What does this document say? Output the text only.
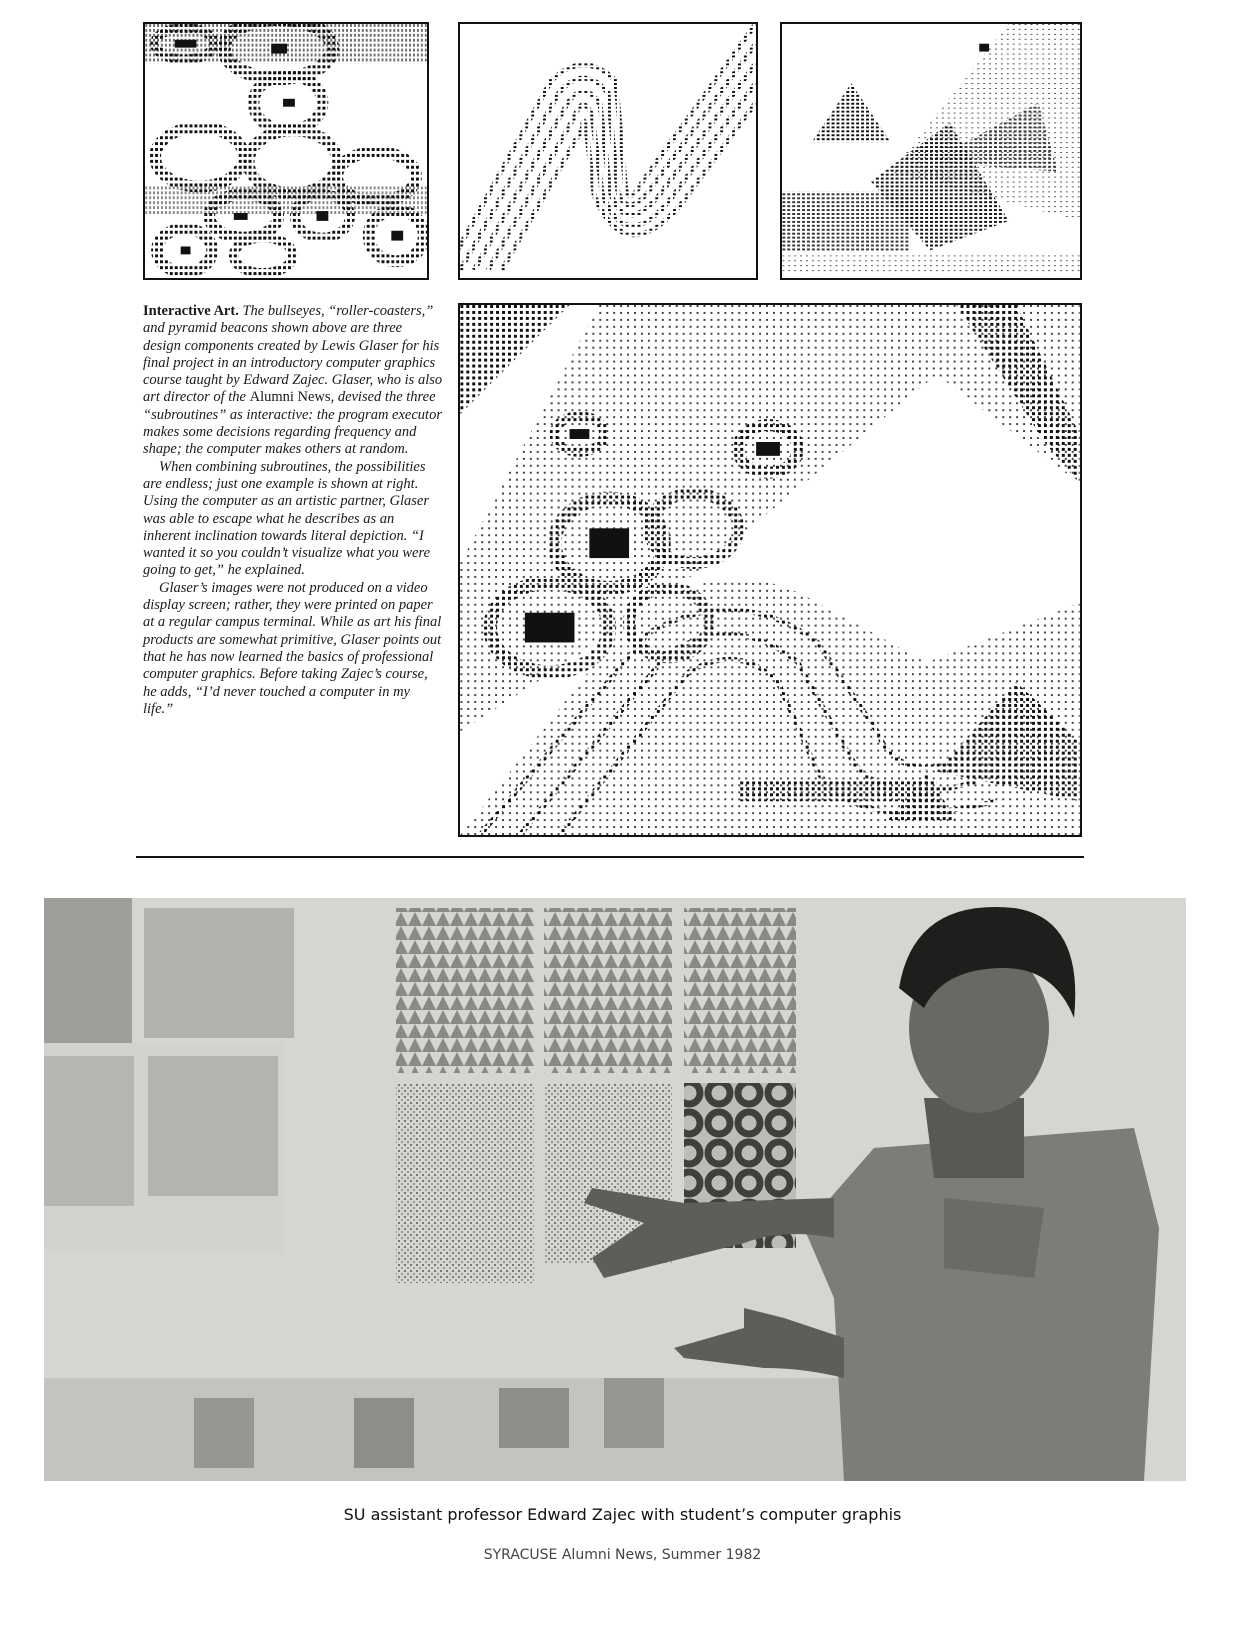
Interactive Art. The bullseyes, “roller-coasters,” and pyramid beacons shown above are three design components created by Lewis Glaser for his final project in an introductory computer graphics course taught by Edward Zajec. Glaser, who is also art director of the Alumni News, devised the three “subroutines” as interactive: the program executor makes some decisions regarding frequency and shape; the computer makes others at random.

When combining subroutines, the possibilities are endless; just one example is shown at right. Using the computer as an artistic partner, Glaser was able to escape what he describes as an inherent inclination towards literal depiction. “I wanted it so you couldn’t visualize what you were going to get,” he explained.

Glaser’s images were not produced on a video display screen; rather, they were printed on paper at a regular campus terminal. While as art his final products are somewhat primitive, Glaser points out that he has now learned the basics of professional computer graphics. Before taking Zajec’s course, he adds, “I’d never touched a computer in my life.”

SU assistant professor Edward Zajec with student’s computer graphis
SYRACUSE Alumni News, Summer 1982
